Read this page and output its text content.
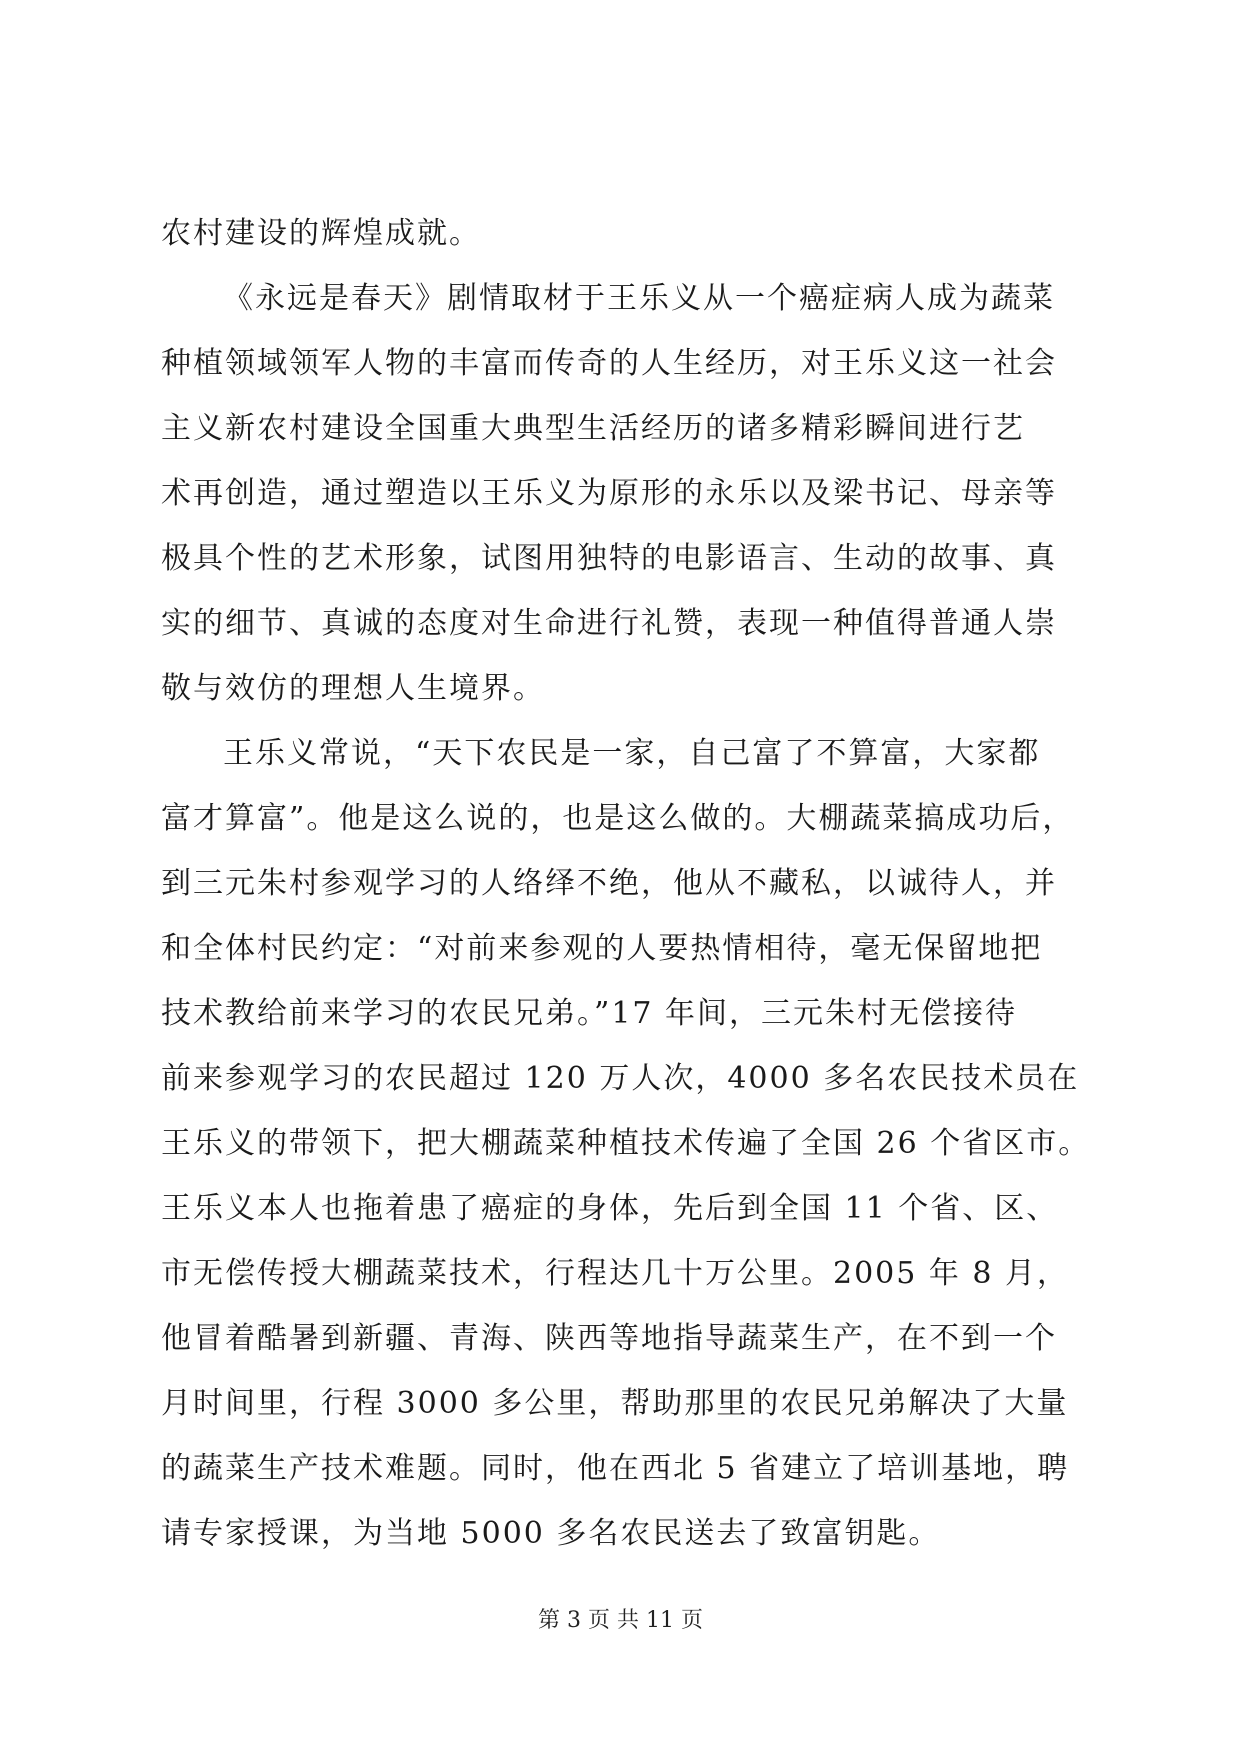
农村建设的辉煌成就。
《永远是春天》剧情取材于王乐义从一个癌症病人成为蔬菜
种植领域领军人物的丰富而传奇的人生经历，对王乐义这一社会
主义新农村建设全国重大典型生活经历的诸多精彩瞬间进行艺
术再创造，通过塑造以王乐义为原形的永乐以及梁书记、母亲等
极具个性的艺术形象，试图用独特的电影语言、生动的故事、真
实的细节、真诚的态度对生命进行礼赞，表现一种值得普通人崇
敬与效仿的理想人生境界。
王乐义常说，“天下农民是一家，自己富了不算富，大家都
富才算富”。他是这么说的，也是这么做的。大棚蔬菜搞成功后，
到三元朱村参观学习的人络绎不绝，他从不藏私，以诚待人，并
和全体村民约定：“对前来参观的人要热情相待，毫无保留地把
技术教给前来学习的农民兄弟。”17 年间，三元朱村无偿接待
前来参观学习的农民超过 120 万人次，4000 多名农民技术员在
王乐义的带领下，把大棚蔬菜种植技术传遍了全国 26 个省区市。
王乐义本人也拖着患了癌症的身体，先后到全国 11 个省、区、
市无偿传授大棚蔬菜技术，行程达几十万公里。2005 年 8 月，
他冒着酷暑到新疆、青海、陕西等地指导蔬菜生产，在不到一个
月时间里，行程 3000 多公里，帮助那里的农民兄弟解决了大量
的蔬菜生产技术难题。同时，他在西北 5 省建立了培训基地，聘
请专家授课，为当地 5000 多名农民送去了致富钥匙。
第 3 页 共 11 页
